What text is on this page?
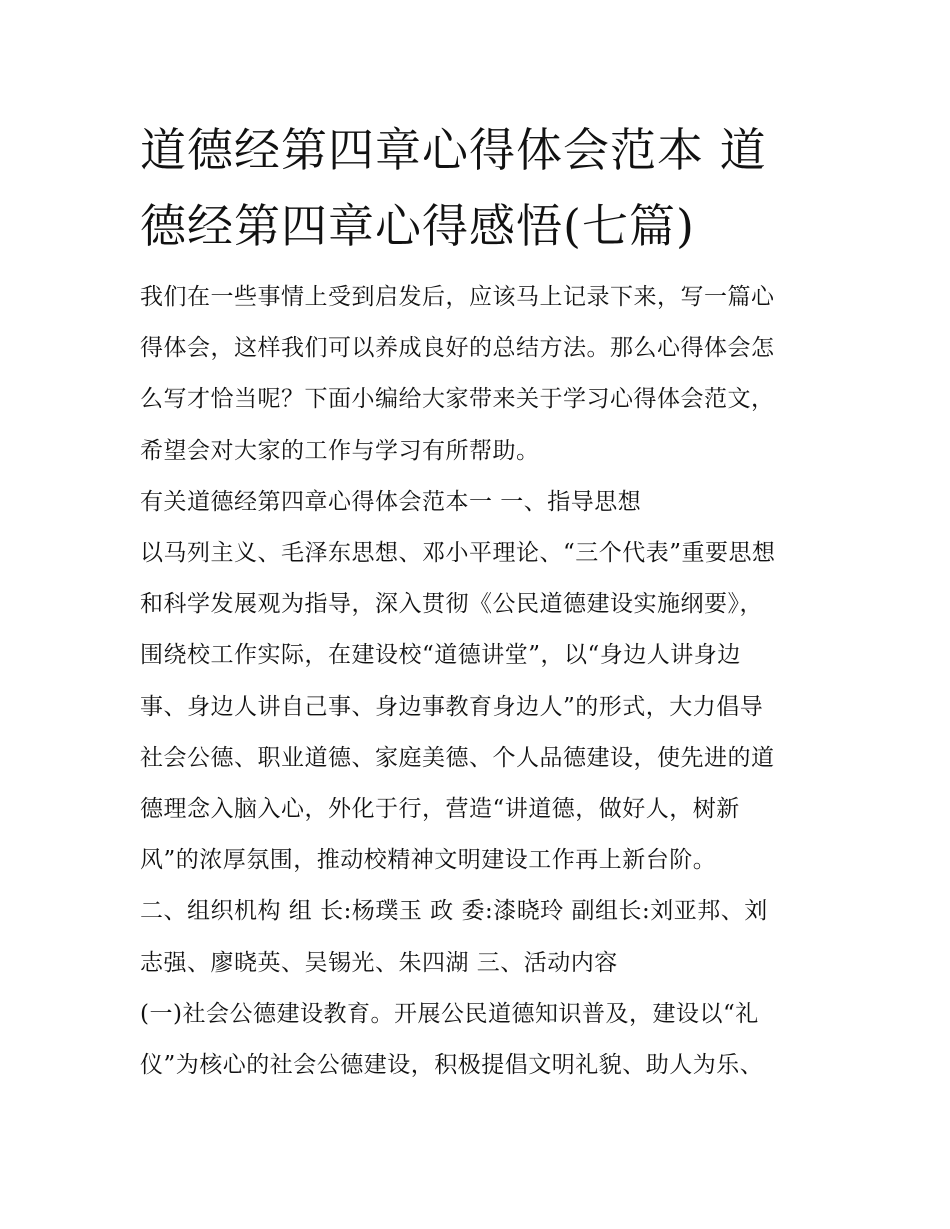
道德经第四章心得体会范本 道
德经第四章心得感悟(七篇)
我们在一些事情上受到启发后，应该马上记录下来，写一篇心
得体会，这样我们可以养成良好的总结方法。那么心得体会怎
么写才恰当呢？下面小编给大家带来关于学习心得体会范文，
希望会对大家的工作与学习有所帮助。
有关道德经第四章心得体会范本一 一、指导思想
以马列主义、毛泽东思想、邓小平理论、“三个代表”重要思想
和科学发展观为指导，深入贯彻《公民道德建设实施纲要》，
围绕校工作实际，在建设校“道德讲堂”，以“身边人讲身边
事、身边人讲自己事、身边事教育身边人”的形式，大力倡导
社会公德、职业道德、家庭美德、个人品德建设，使先进的道
德理念入脑入心，外化于行，营造“讲道德，做好人，树新
风”的浓厚氛围，推动校精神文明建设工作再上新台阶。
二、组织机构 组 长:杨璞玉 政 委:漆晓玲 副组长:刘亚邦、刘
志强、廖晓英、吴锡光、朱四湖 三、活动内容
(一)社会公德建设教育。开展公民道德知识普及，建设以“礼
仪”为核心的社会公德建设，积极提倡文明礼貌、助人为乐、
